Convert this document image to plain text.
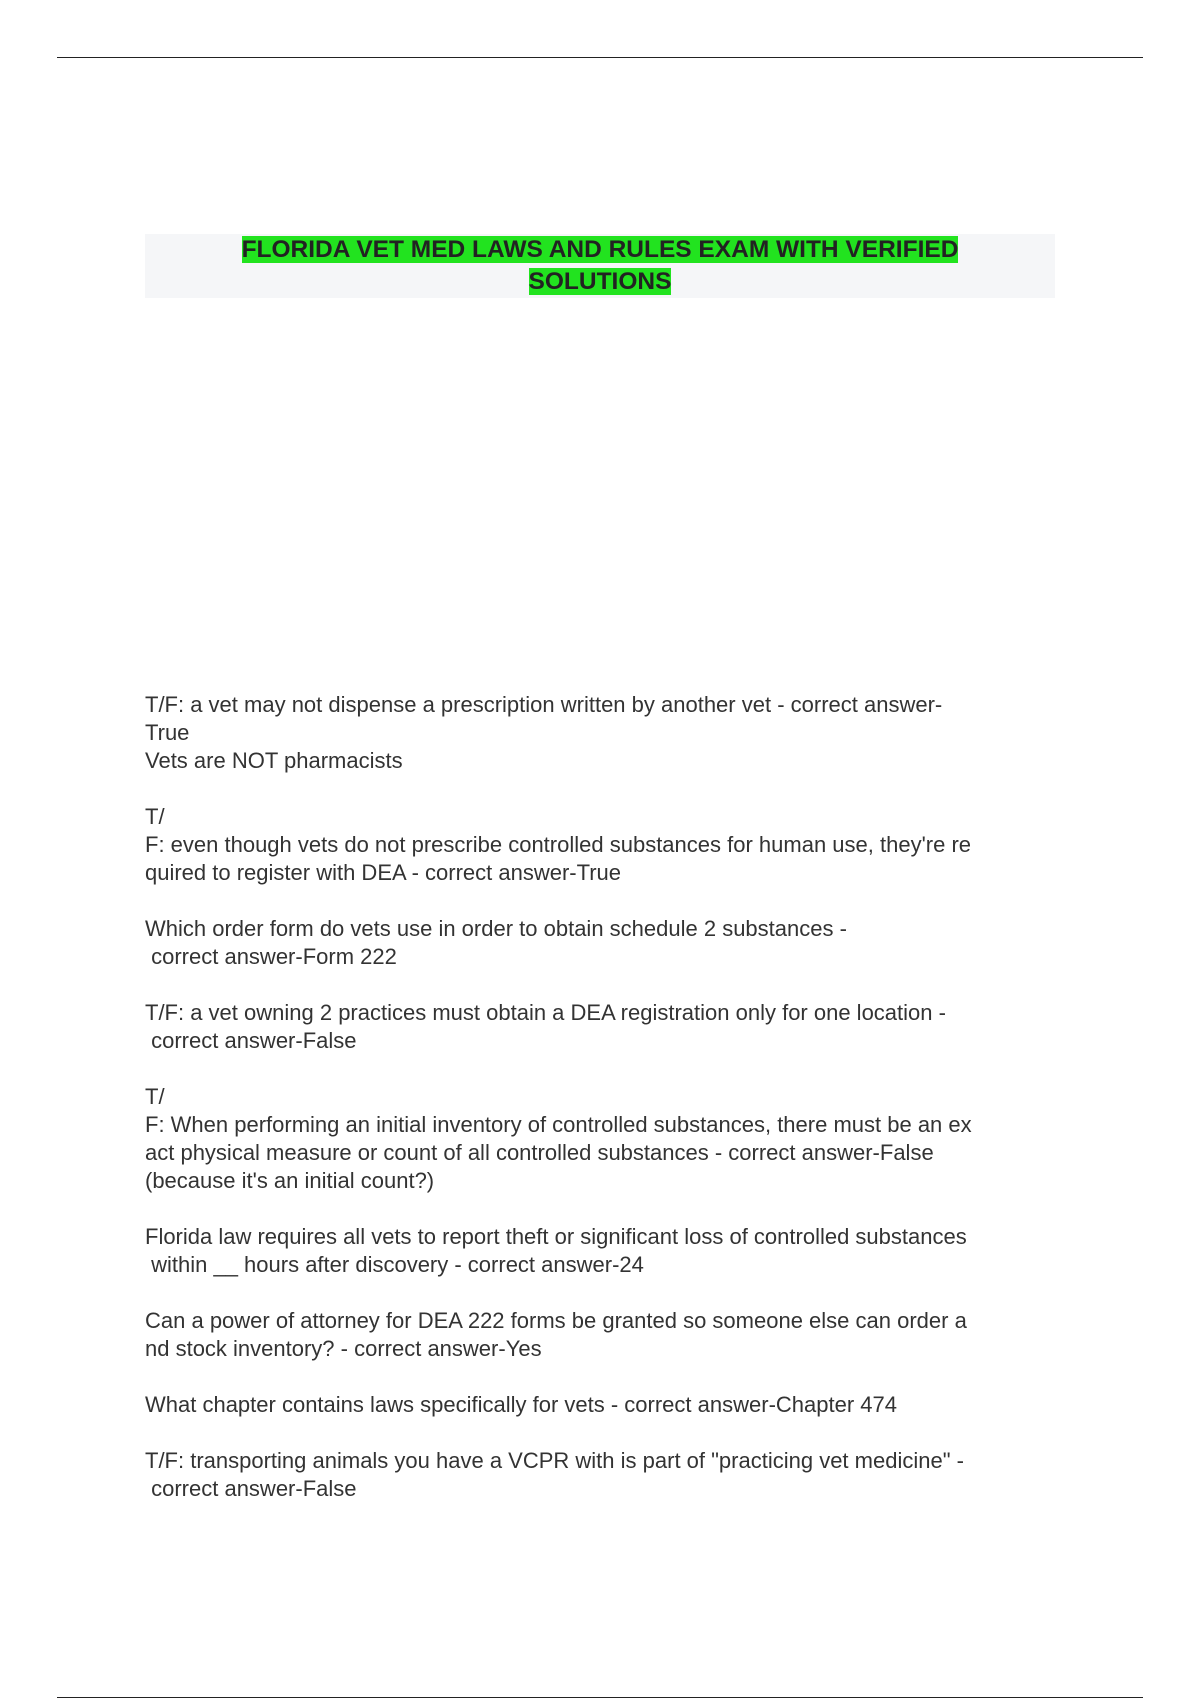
FLORIDA VET MED LAWS AND RULES EXAM WITH VERIFIED
SOLUTIONS
T/F: a vet may not dispense a prescription written by another vet - correct answer-
True
Vets are NOT pharmacists
T/
F: even though vets do not prescribe controlled substances for human use, they're re
quired to register with DEA - correct answer-True
Which order form do vets use in order to obtain schedule 2 substances -
correct answer-Form 222
T/F: a vet owning 2 practices must obtain a DEA registration only for one location -
correct answer-False
T/
F: When performing an initial inventory of controlled substances, there must be an ex
act physical measure or count of all controlled substances - correct answer-False
(because it's an initial count?)
Florida law requires all vets to report theft or significant loss of controlled substances
within __ hours after discovery - correct answer-24
Can a power of attorney for DEA 222 forms be granted so someone else can order a
nd stock inventory? - correct answer-Yes
What chapter contains laws specifically for vets - correct answer-Chapter 474
T/F: transporting animals you have a VCPR with is part of "practicing vet medicine" -
correct answer-False
